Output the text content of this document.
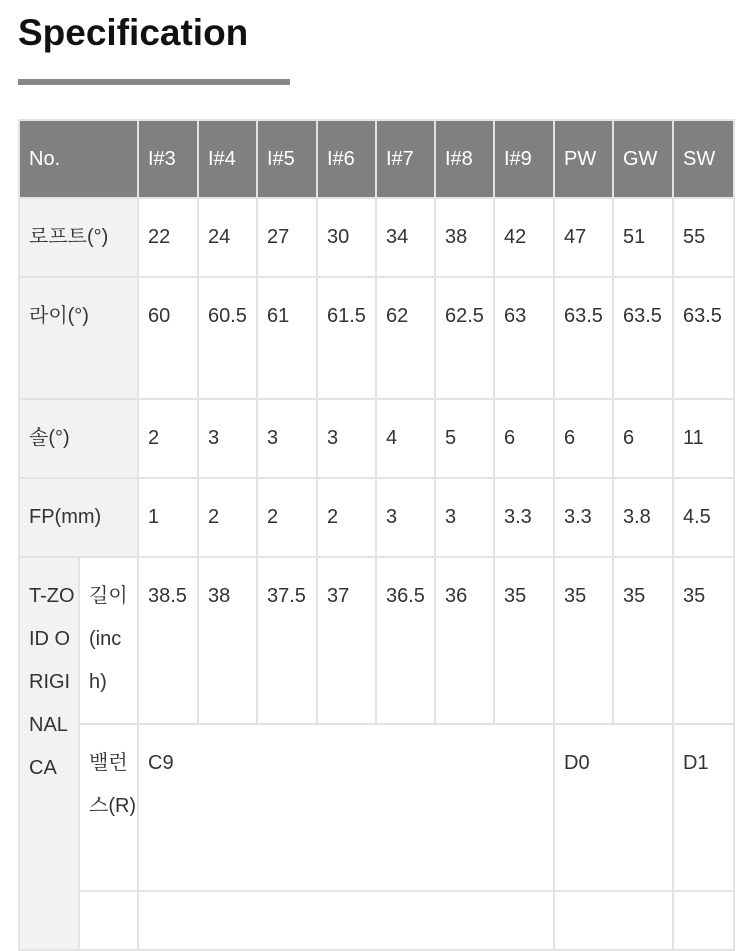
Specification
No.		I#3	I#4	I#5	I#6	I#7	I#8	I#9	PW	GW	SW
로프트(°)		22	24	27	30	34	38	42	47	51	55
라이(°)		60	60.5	61	61.5	62	62.5	63	63.5	63.5	63.5
솔(°)		2	3	3	3	4	5	6	6	6	11
FP(mm)		1	2	2	2	3	3	3.3	3.3	3.8	4.5
T-ZOID ORIGINAL CA	길이(inch)	38.5	38	37.5	37	36.5	36	35	35	35	35
	밸런스(R)	C9							D0		D1
